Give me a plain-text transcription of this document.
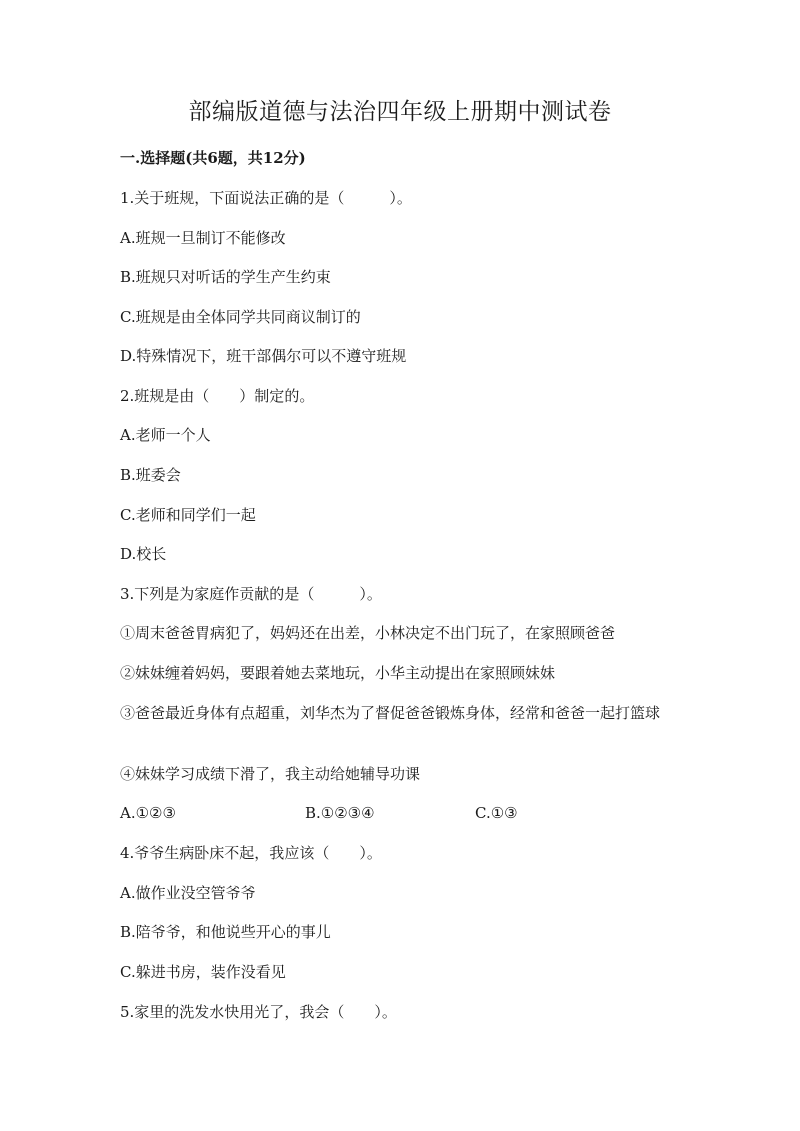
部编版道德与法治四年级上册期中测试卷
一.选择题(共6题，共12分)
1.关于班规，下面说法正确的是（　　　）。
A.班规一旦制订不能修改
B.班规只对听话的学生产生约束
C.班规是由全体同学共同商议制订的
D.特殊情况下，班干部偶尔可以不遵守班规
2.班规是由（　　）制定的。
A.老师一个人
B.班委会
C.老师和同学们一起
D.校长
3.下列是为家庭作贡献的是（　　　）。
①周末爸爸胃病犯了，妈妈还在出差，小林决定不出门玩了，在家照顾爸爸
②妹妹缠着妈妈，要跟着她去菜地玩，小华主动提出在家照顾妹妹
③爸爸最近身体有点超重，刘华杰为了督促爸爸锻炼身体，经常和爸爸一起打篮球
④妹妹学习成绩下滑了，我主动给她辅导功课
A.①②③	B.①②③④	C.①③
4.爷爷生病卧床不起，我应该（　　）。
A.做作业没空管爷爷
B.陪爷爷，和他说些开心的事儿
C.躲进书房，装作没看见
5.家里的洗发水快用光了，我会（　　）。
